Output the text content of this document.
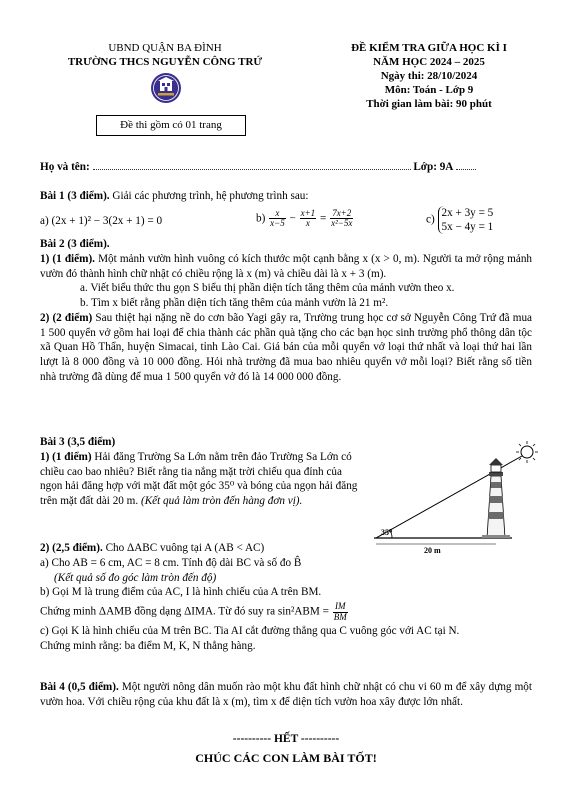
UBND QUẬN BA ĐÌNH
TRƯỜNG THCS NGUYỄN CÔNG TRỨ
Đề thi gồm có 01 trang
ĐỀ KIỂM TRA GIỮA HỌC KÌ I
NĂM HỌC 2024 – 2025
Ngày thi: 28/10/2024
Môn: Toán - Lớp 9
Thời gian làm bài: 90 phút
Họ và tên:	Lớp: 9A

Bài 1 (3 điểm). Giải các phương trình, hệ phương trình sau:

a) (2x + 1)² − 3(2x + 1) = 0	$b) \frac{x}{x-5} - \frac{x+1}{x} = \frac{7x+2}{\text{x²−5x}}$	c)
2x + 3y = 5
5x − 4y = 1

Bài 2 (3 điểm).

1) (1 điểm). Một mảnh vườn hình vuông có kích thước một cạnh bằng x (x > 0, m). Người ta mở rộng mảnh vườn đó thành hình chữ nhật có chiều rộng là x (m) và chiều dài là x + 3 (m).

a. Viết biểu thức thu gọn S biểu thị phần diện tích tăng thêm của mảnh vườn theo x.

b. Tìm x biết rằng phần diện tích tăng thêm của mảnh vườn là 21 m².

2) (2 điểm) Sau thiệt hại nặng nề do cơn bão Yagi gây ra, Trường trung học cơ sở Nguyễn Công Trứ đã mua 1 500 quyển vở gồm hai loại để chia thành các phần quà tặng cho các bạn học sinh trường phổ thông dân tộc xã Quan Hồ Thẩn, huyện Simacai, tỉnh Lào Cai. Giá bán của mỗi quyển vở loại thứ nhất và loại thứ hai lần lượt là 8 000 đồng và 10 000 đồng. Hỏi nhà trường đã mua bao nhiêu quyển vở mỗi loại? Biết rằng số tiền nhà trường đã dùng để mua 1 500 quyển vở đó là 14 000 000 đồng.

Bài 3 (3,5 điểm)

1) (1 điểm) Hải đăng Trường Sa Lớn nằm trên đảo Trường Sa Lớn có chiều cao bao nhiêu? Biết rằng tia nắng mặt trời chiếu qua đỉnh của ngọn hải đăng hợp với mặt đất một góc 35⁰ và bóng của ngọn hải đăng trên mặt đất dài 20 m. (Kết quả làm tròn đến hàng đơn vị).

35⁰
20 m

2) (2,5 điểm). Cho ΔABC vuông tại A (AB < AC)

a) Cho AB = 6 cm, AC = 8 cm. Tính độ dài BC và số đo B̂

(Kết quả số đo góc làm tròn đến độ)

b) Gọi M là trung điểm của AC, I là hình chiếu của A trên BM.

Chứng minh ΔAMB đồng dạng ΔIMA. Từ đó suy ra $\sin^2ABM = \frac{IM}{BM}$

c) Gọi K là hình chiếu của M trên BC. Tia AI cắt đường thẳng qua C vuông góc với AC tại N.

Chứng minh rằng: ba điểm M, K, N thẳng hàng.

Bài 4 (0,5 điểm). Một người nông dân muốn rào một khu đất hình chữ nhật có chu vi 60 m để xây dựng một vườn hoa. Với chiều rộng của khu đất là x (m), tìm x để diện tích vườn hoa xây được lớn nhất.

---------- HẾT ----------
CHÚC CÁC CON LÀM BÀI TỐT!
